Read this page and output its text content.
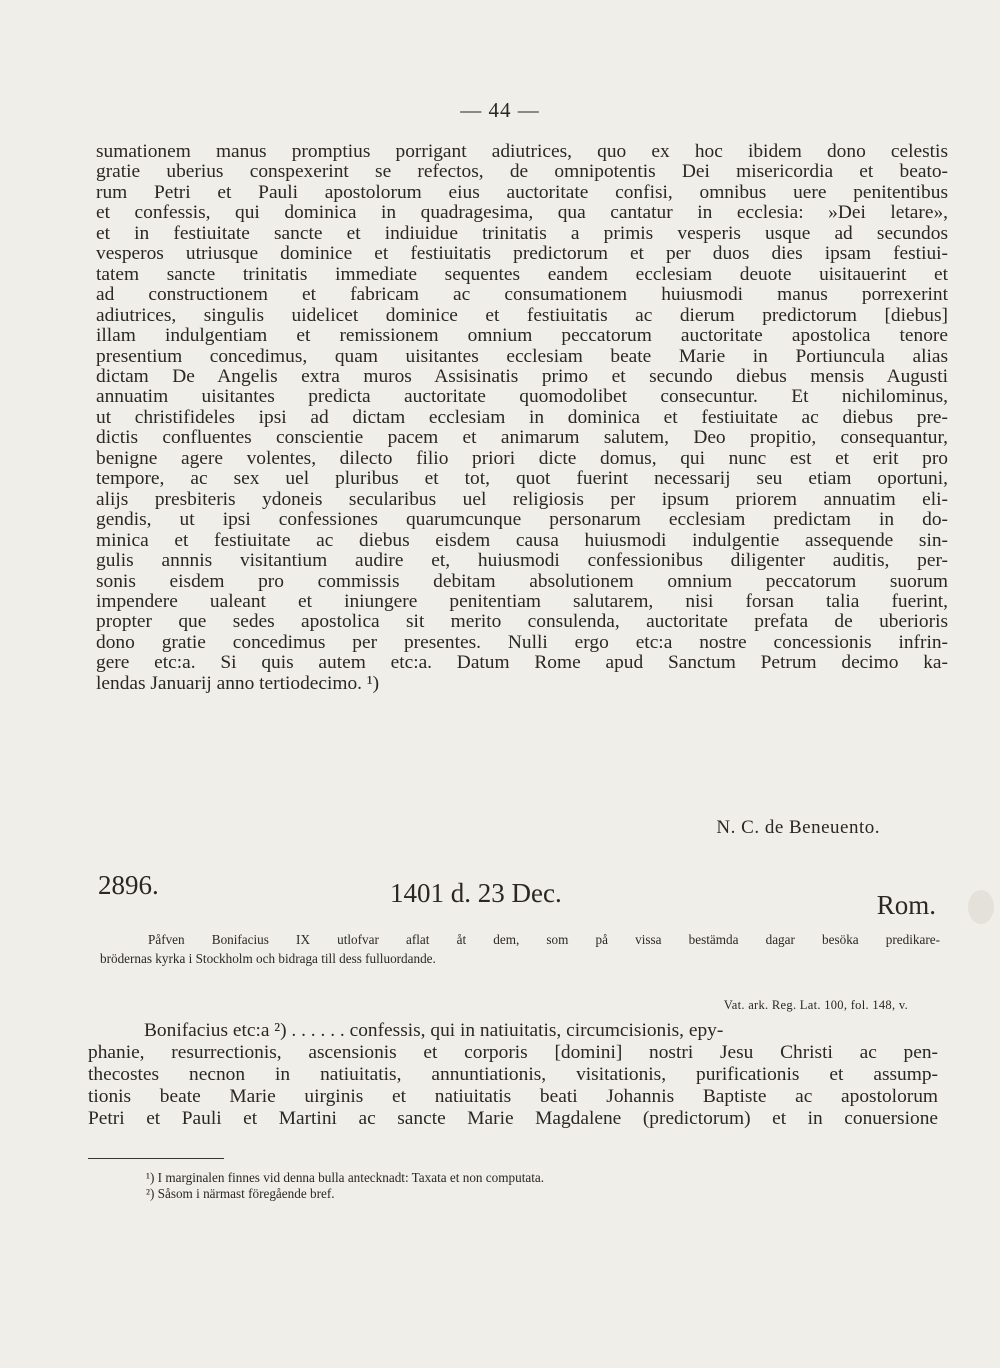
— 44 —
sumationem manus promptius porrigant adiutrices, quo ex hoc ibidem dono celestis
gratie uberius conspexerint se refectos, de omnipotentis Dei misericordia et beato-
rum Petri et Pauli apostolorum eius auctoritate confisi, omnibus uere penitentibus
et confessis, qui dominica in quadragesima, qua cantatur in ecclesia: »Dei letare»,
et in festiuitate sancte et indiuidue trinitatis a primis vesperis usque ad secundos
vesperos utriusque dominice et festiuitatis predictorum et per duos dies ipsam festiui-
tatem sancte trinitatis immediate sequentes eandem ecclesiam deuote uisitauerint et
ad constructionem et fabricam ac consumationem huiusmodi manus porrexerint
adiutrices, singulis uidelicet dominice et festiuitatis ac dierum predictorum [diebus]
illam indulgentiam et remissionem omnium peccatorum auctoritate apostolica tenore
presentium concedimus, quam uisitantes ecclesiam beate Marie in Portiuncula alias
dictam De Angelis extra muros Assisinatis primo et secundo diebus mensis Augusti
annuatim uisitantes predicta auctoritate quomodolibet consecuntur. Et nichilominus,
ut christifideles ipsi ad dictam ecclesiam in dominica et festiuitate ac diebus pre-
dictis confluentes conscientie pacem et animarum salutem, Deo propitio, consequantur,
benigne agere volentes, dilecto filio priori dicte domus, qui nunc est et erit pro
tempore, ac sex uel pluribus et tot, quot fuerint necessarij seu etiam oportuni,
alijs presbiteris ydoneis secularibus uel religiosis per ipsum priorem annuatim eli-
gendis, ut ipsi confessiones quarumcunque personarum ecclesiam predictam in do-
minica et festiuitate ac diebus eisdem causa huiusmodi indulgentie assequende sin-
gulis annnis visitantium audire et, huiusmodi confessionibus diligenter auditis, per-
sonis eisdem pro commissis debitam absolutionem omnium peccatorum suorum
impendere ualeant et iniungere penitentiam salutarem, nisi forsan talia fuerint,
propter que sedes apostolica sit merito consulenda, auctoritate prefata de uberioris
dono gratie concedimus per presentes. Nulli ergo etc:a nostre concessionis infrin-
gere etc:a. Si quis autem etc:a. Datum Rome apud Sanctum Petrum decimo ka-
lendas Januarij anno tertiodecimo. ¹)
N. C. de Beneuento.
2896.	1401 d. 23 Dec.	Rom.
Påfven Bonifacius IX utlofvar aflat åt dem, som på vissa bestämda dagar besöka predikare-
brödernas kyrka i Stockholm och bidraga till dess fulluordande.
Vat. ark. Reg. Lat. 100, fol. 148, v.
Bonifacius etc:a ²) . . . . . . confessis, qui in natiuitatis, circumcisionis, epy-
phanie, resurrectionis, ascensionis et corporis [domini] nostri Jesu Christi ac pen-
thecostes necnon in natiuitatis, annuntiationis, visitationis, purificationis et assump-
tionis beate Marie uirginis et natiuitatis beati Johannis Baptiste ac apostolorum
Petri et Pauli et Martini ac sancte Marie Magdalene (predictorum) et in conuersione
¹) I marginalen finnes vid denna bulla antecknadt: Taxata et non computata.
²) Såsom i närmast föregående bref.
